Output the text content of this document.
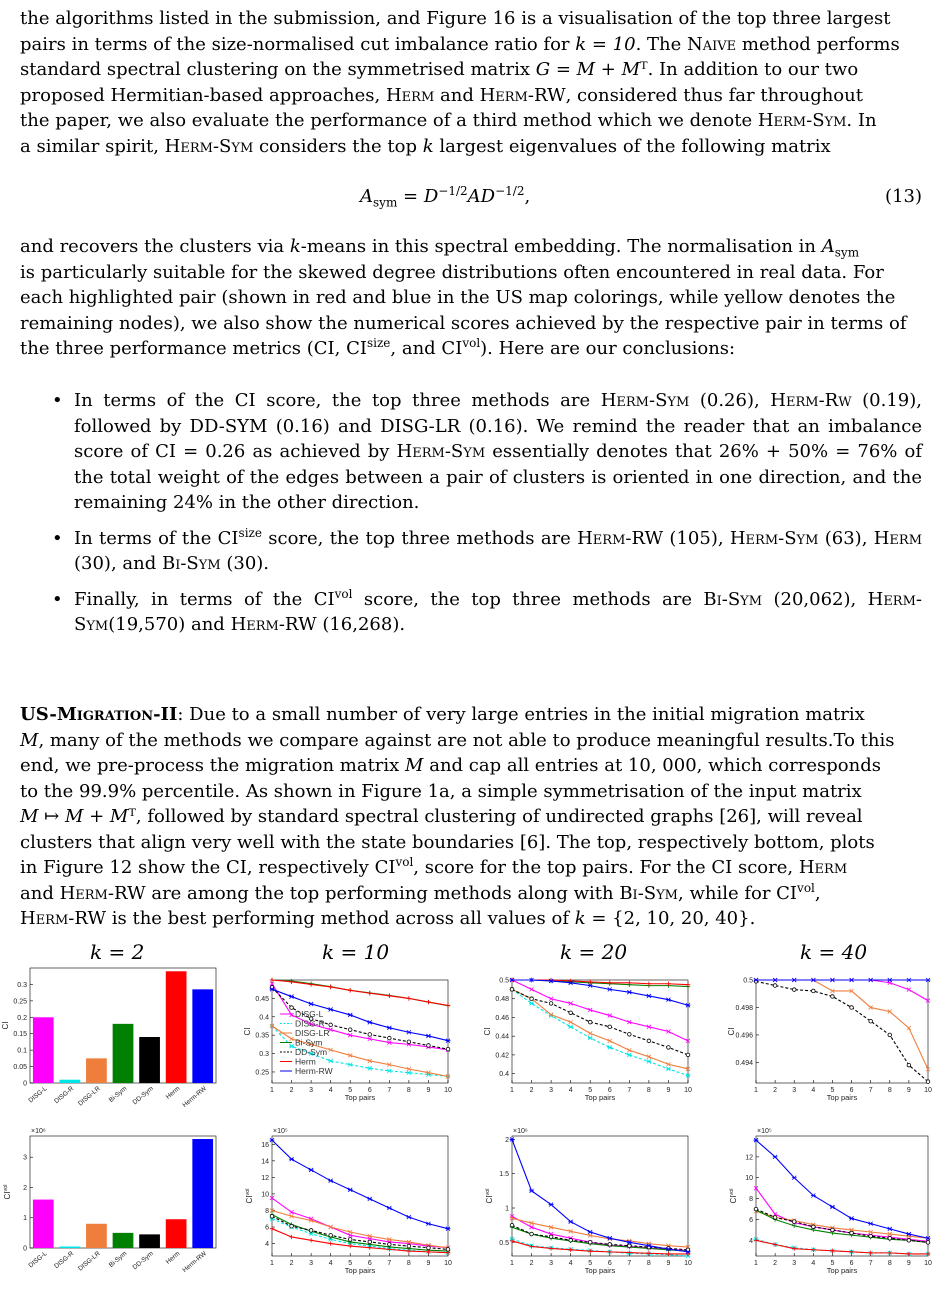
the algorithms listed in the submission, and Figure 16 is a visualisation of the top three largest
pairs in terms of the size-normalised cut imbalance ratio for k = 10. The Naive method performs
standard spectral clustering on the symmetrised matrix G = M + Mᵀ. In addition to our two
proposed Hermitian-based approaches, Herm and Herm-RW, considered thus far throughout
the paper, we also evaluate the performance of a third method which we denote Herm-Sym. In
a similar spirit, Herm-Sym considers the top k largest eigenvalues of the following matrix
$A_{sym} = D^{-1/2}AD^{-1/2}$,	(13)
and recovers the clusters via k-means in this spectral embedding. The normalisation in $A_{sym}$
is particularly suitable for the skewed degree distributions often encountered in real data. For
each highlighted pair (shown in red and blue in the US map colorings, while yellow denotes the
remaining nodes), we also show the numerical scores achieved by the respective pair in terms of
the three performance metrics (CI, $CI^{size}$, and $CI^{vol}$). Here are our conclusions:
• In terms of the CI score, the top three methods are Herm-Sym (0.26), Herm-Rw (0.19), followed by DD-SYM (0.16) and DISG-LR (0.16). We remind the reader that an imbalance score of CI = 0.26 as achieved by Herm-Sym essentially denotes that 26% + 50% = 76% of the total weight of the edges between a pair of clusters is oriented in one direction, and the remaining 24% in the other direction.
• In terms of the $CI^{size}$ score, the top three methods are Herm-RW (105), Herm-Sym (63), Herm (30), and Bi-Sym (30).
• Finally, in terms of the $CI^{vol}$ score, the top three methods are Bi-Sym (20,062), Herm-Sym(19,570) and Herm-RW (16,268).
US-Migration-II: Due to a small number of very large entries in the initial migration matrix
M, many of the methods we compare against are not able to produce meaningful results.To this
end, we pre-process the migration matrix M and cap all entries at 10, 000, which corresponds
to the 99.9% percentile. As shown in Figure 1a, a simple symmetrisation of the input matrix
M ↦ M + Mᵀ, followed by standard spectral clustering of undirected graphs [26], will reveal
clusters that align very well with the state boundaries [6]. The top, respectively bottom, plots
in Figure 12 show the CI, respectively $CI^{vol}$, score for the top pairs. For the CI score, Herm
and Herm-RW are among the top performing methods along with Bi-Sym, while for $CI^{vol}$,
Herm-RW is the best performing method across all values of k = {2, 10, 20, 40}.
k = 2	k = 10	k = 20	k = 40
0
0.05
0.1
0.15
0.2
0.25
0.3
CI
DISG-L DISG-R DISG-LR Bi-Sym DD-Sym Herm Herm-RW
0.25
0.3
0.35
0.4
0.45
CI
1 2 3 4 5 6 7 8 9 10
Top pairs
DISG-L
DISG-R
DISG-LR
Bi-Sym
DD-Sym
Herm
Herm-RW	0.4
0.42
0.44
0.46
0.48
0.5
CI
1 2 3 4 5 6 7 8 9 10
Top pairs
0.494
0.496
0.498
0.5
CI
1 2 3 4 5 6 7 8 9 10
Top pairs
0
1
2
3
$CI^{vol}$
×10⁶
DISG-L DISG-R DISG-LR Bi-Sym DD-Sym Herm Herm-RW
4
6
8
10
12
14
16
$CI^{vol}$
×10⁵
1 2 3 4 5 6 7 8 9 10
Top pairs
0.5
1
1.5
2
$CI^{vol}$
×10⁶
1 2 3 4 5 6 7 8 9 10
Top pairs
4
6
8
10
12
$CI^{vol}$
×10⁵
1 2 3 4 5 6 7 8 9 10
Top pairs
